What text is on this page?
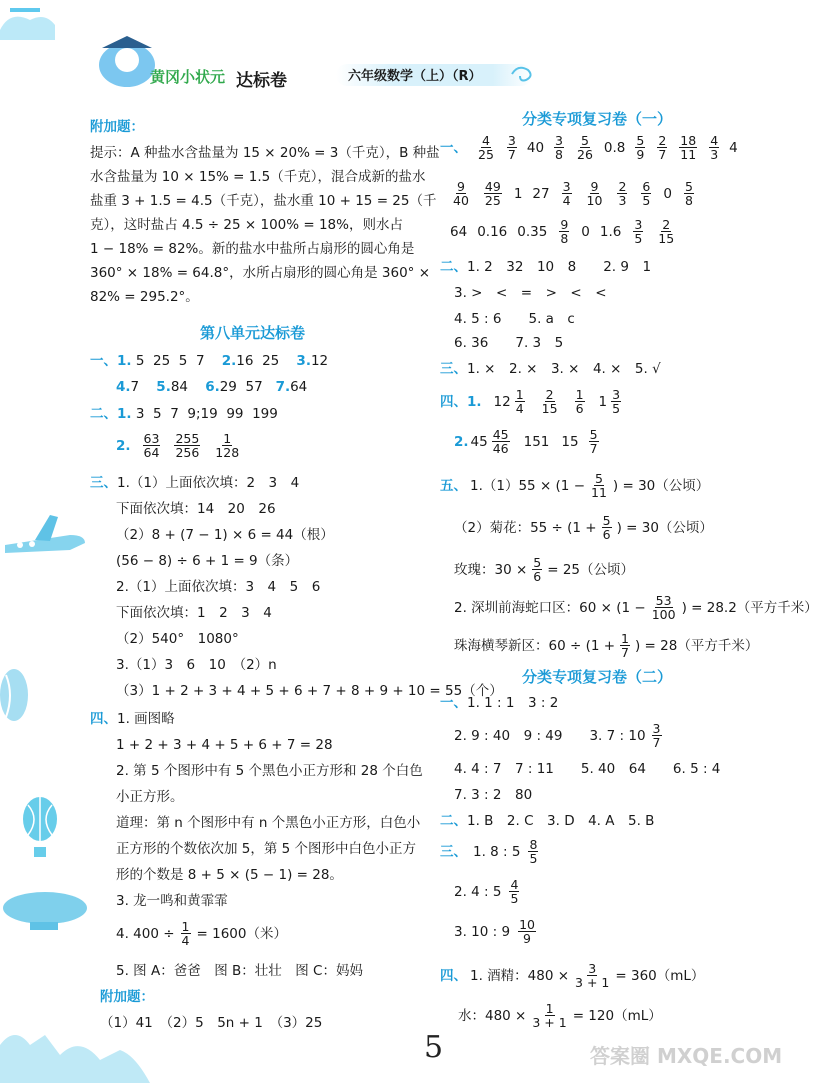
黄冈小状元 达标卷	六年级数学（上）（R）
附加题：
提示：A 种盐水含盐量为 15 × 20% = 3（千克），B 种盐
水含盐量为 10 × 15% = 1.5（千克），混合成新的盐水
盐重 3 + 1.5 = 4.5（千克），盐水重 10 + 15 = 25（千
克），这时盐占 4.5 ÷ 25 × 100% = 18%，则水占
1 − 18% = 82%。新的盐水中盐所占扇形的圆心角是
360° × 18% = 64.8°，水所占扇形的圆心角是 360° ×
82% = 295.2°。
第八单元达标卷
一、1. 5 25 5 7 2.16 25 3.12
4.7 5.84 6.29 57 7.64
二、1. 3 5 7 9;19 99 199
2. $\frac{63}{64} \frac{255}{256} \frac{1}{128}$
三、1.（1）上面依次填：2　3　4
下面依次填：14　20　26
（2）8 + (7 − 1) × 6 = 44（根）
(56 − 8) ÷ 6 + 1 = 9（条）
2.（1）上面依次填：3　4　5　6
下面依次填：1　2　3　4
（2）540°　1080°
3.（1）3　6　10　（2）n
（3）1 + 2 + 3 + 4 + 5 + 6 + 7 + 8 + 9 + 10 = 55（个）
四、1. 画图略
1 + 2 + 3 + 4 + 5 + 6 + 7 = 28
2. 第 5 个图形中有 5 个黑色小正方形和 28 个白色
小正方形。
道理：第 n 个图形中有 n 个黑色小正方形，白色小
正方形的个数依次加 5，第 5 个图形中白色小正方
形的个数是 8 + 5 × (5 − 1) = 28。
3. 龙一鸣和黄霏霏
4. $400 \div \frac{1}{4} = 1600$（米）
5. 图 A：爸爸　图 B：壮壮　图 C：妈妈
附加题：
（1）41　（2）5　5n + 1　（3）25
分类专项复习卷（一）
一、 $\frac{4}{25} \frac{3}{7} 40 \frac{3}{8} \frac{5}{26} 0.8 \frac{5}{9} \frac{2}{7} \frac{18}{11} \frac{4}{3} 4$
$\frac{9}{40} \frac{49}{25} 1$ $27 \frac{3}{4} \frac{9}{10} \frac{2}{3} \frac{6}{5} 0 \frac{5}{8}$
64 0.16 $0.35 \frac{9}{8} 0$ $1.6 \frac{3}{5} \frac{2}{15}$
二、1. 2　32　10　8　　2. 9　1
3. >　<　=　>　<　<
4. 5 : 6　　5. a　c
6. 36　　7. 3　5
三、1. ×　2. ×　3. ×　4. ×　5. √
四、1. $12 \frac{1}{4} \frac{2}{15} \frac{1}{6} 1 \frac{3}{5}$
2. $45 \frac{45}{46} 151$ $15 \frac{5}{7}$
五、 $1.(1)55 \times (1 - \frac{5}{11}$ ) = 30（公顷）
（2）菊花：$55 \div (1 + \frac{5}{6}$ ) = 30（公顷）
玫瑰：$30 \times \frac{5}{6} = 25$（公顷）
2. 深圳前海蛇口区：$60 \times (1 - \frac{53}{100}$ ) = 28.2（平方千米）
珠海横琴新区：$60 \div (1 + \frac{1}{7}$ ) = 28（平方千米）
分类专项复习卷（二）
一、1. 1 : 1　3 : 2
2. 9 : 40　9 : 49　　3. 7 : $10 \frac{3}{7}$
4. 4 : 7　7 : 11　　5. 40　64　　6. 5 : 4
7. 3 : 2　80
二、1. B　2. C　3. D　4. A　5. B
三、 1. 8 : $5 \frac{8}{5}$
2. 4 : $5 \frac{4}{5}$
3. 10 : $9 \frac{10}{9}$
四、 1. 酒精：$480 \times \frac{3}{3 + 1} = 360(mL)$
水：$480 \times \frac{1}{3 + 1} = 120(mL)$
5	答案圈 MXQE.COM
